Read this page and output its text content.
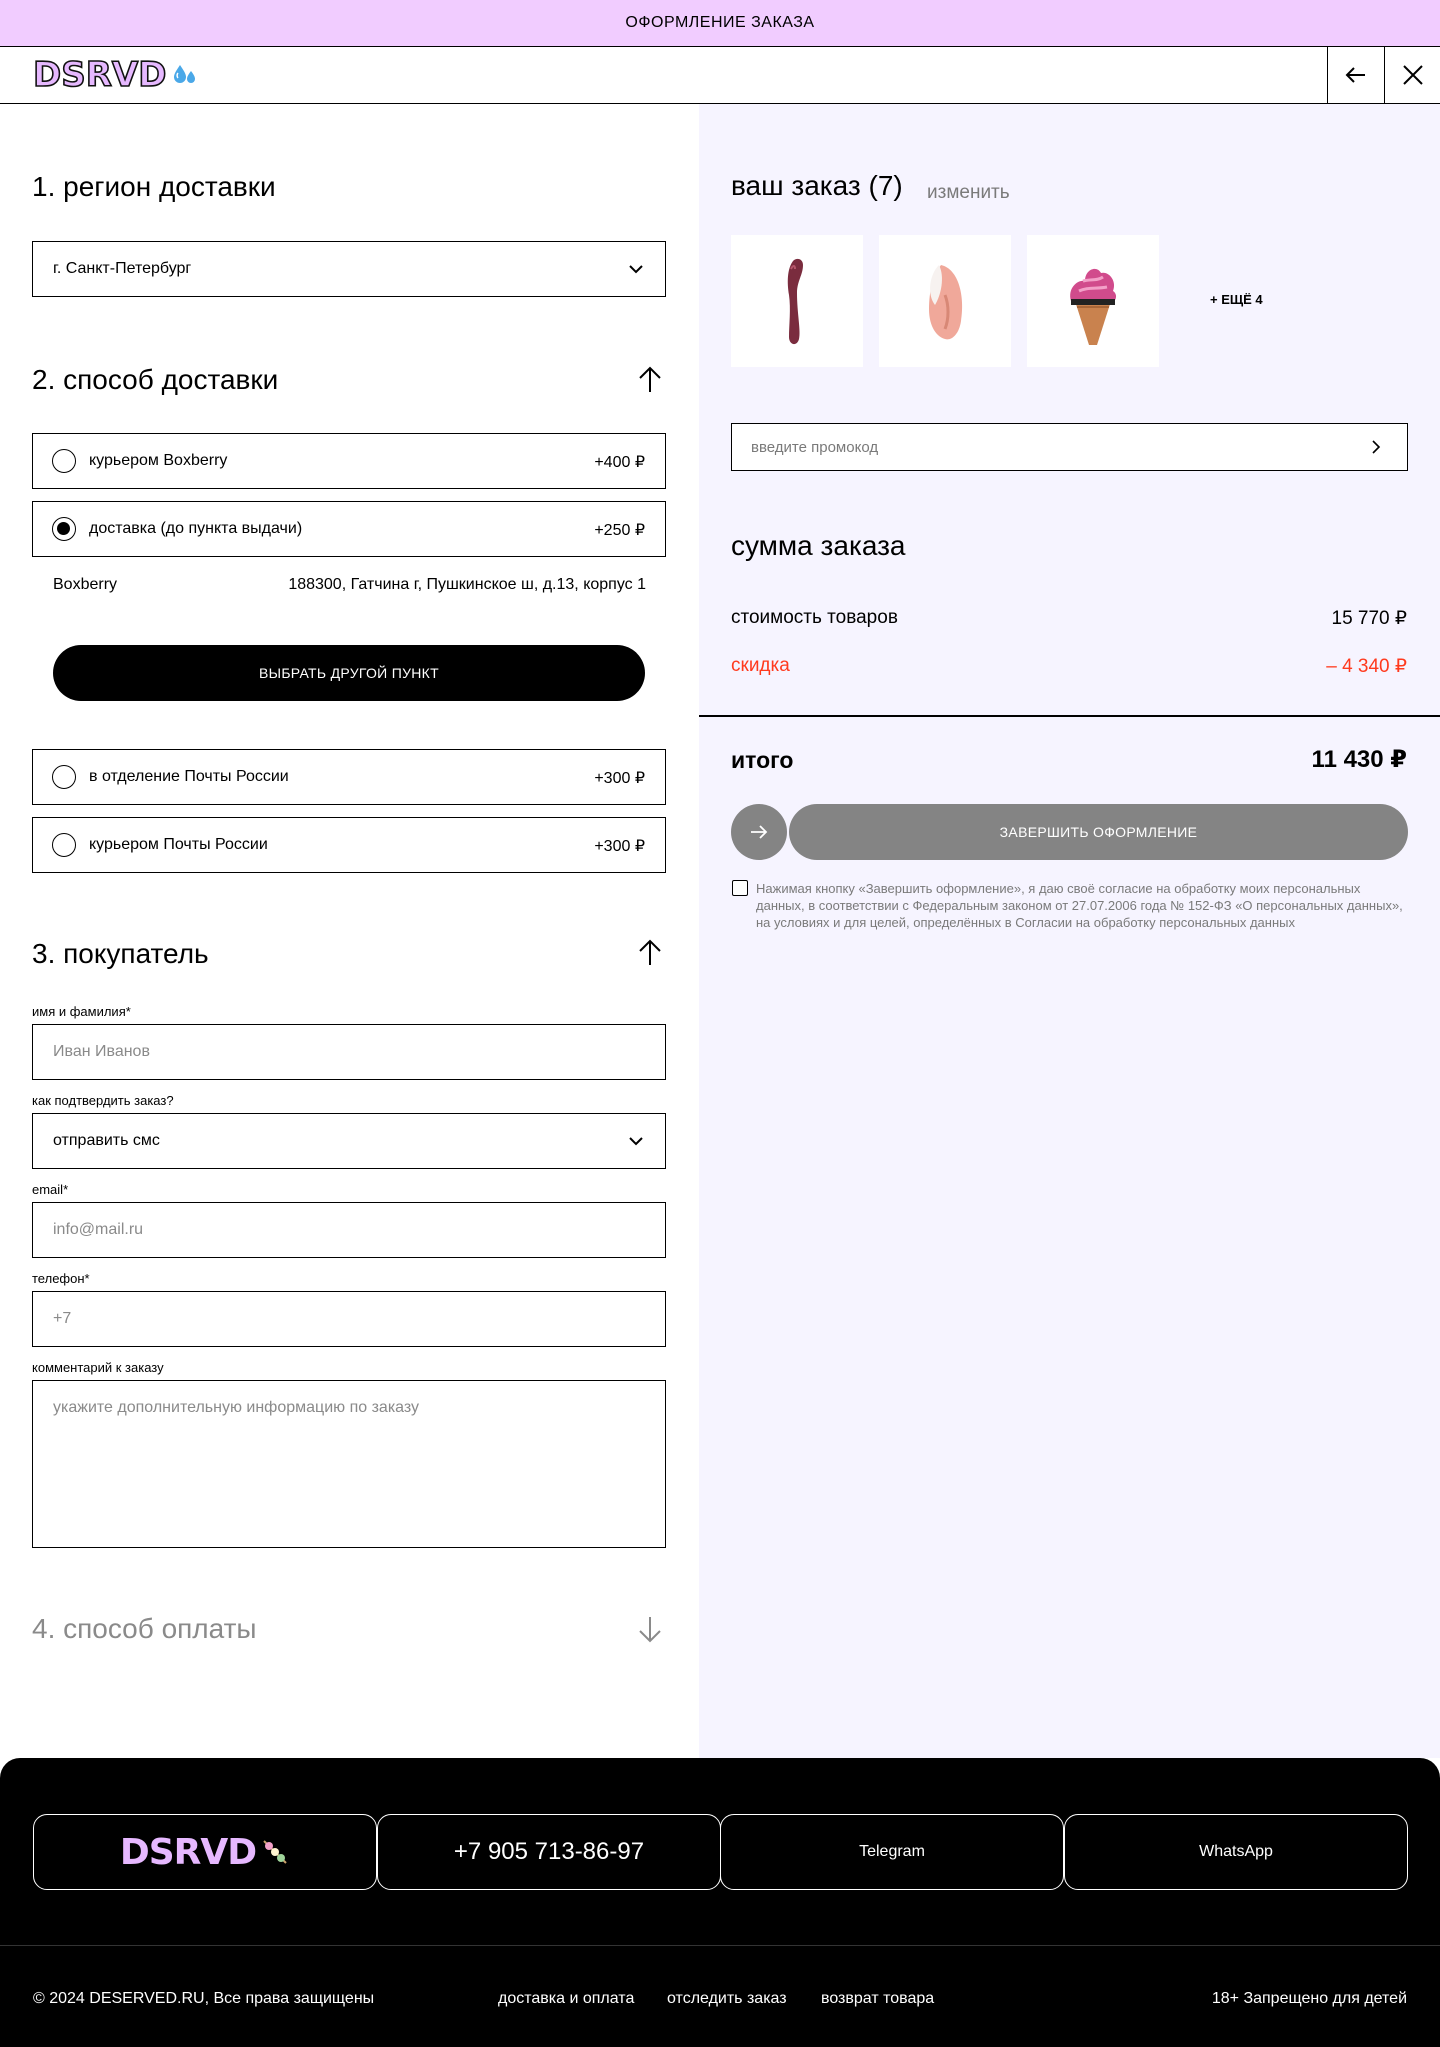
ОФОРМЛЕНИЕ ЗАКАЗА
DSRVD
1. регион доставки
г. Санкт-Петербург
2. способ доставки
курьером Boxberry	+400 ₽
доставка (до пункта выдачи)	+250 ₽
Boxberry	188300, Гатчина г, Пушкинское ш, д.13, корпус 1
ВЫБРАТЬ ДРУГОЙ ПУНКТ
в отделение Почты России	+300 ₽
курьером Почты России	+300 ₽
3. покупатель
имя и фамилия*
Иван Иванов
как подтвердить заказ?
отправить смс
email*
info@mail.ru
телефон*
+7
комментарий к заказу
укажите дополнительную информацию по заказу
4. способ оплаты
ваш заказ (7) изменить
+ ЕЩЁ 4
введите промокод
сумма заказа
стоимость товаров	15 770 ₽
скидка	– 4 340 ₽
итого	11 430 ₽
ЗАВЕРШИТЬ ОФОРМЛЕНИЕ
Нажимая кнопку «Завершить оформление», я даю своё согласие на обработку моих персональных данных, в соответствии с Федеральным законом от 27.07.2006 года № 152-ФЗ «О персональных данных», на условиях и для целей, определённых в Согласии на обработку персональных данных
DSRVD	+7 905 713-86-97	Telegram	WhatsApp
© 2024 DESERVED.RU, Все права защищены	доставка и оплата отследить заказ возврат товара	18+ Запрещено для детей
